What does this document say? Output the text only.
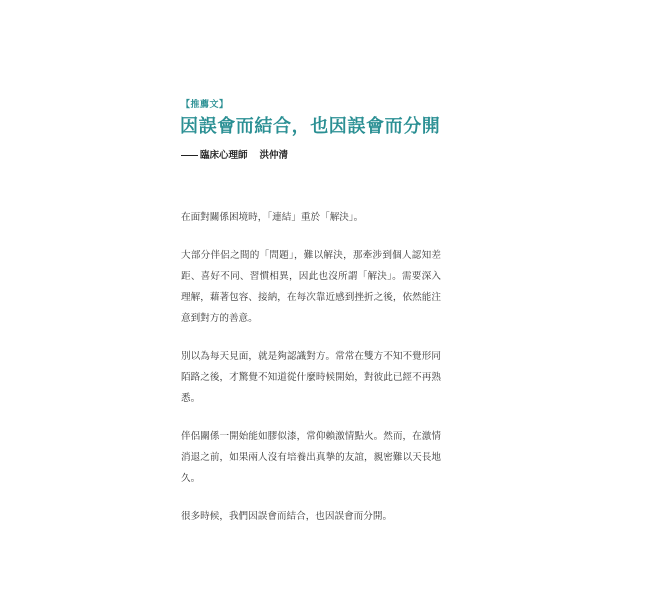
【推薦文】
因誤會而結合，也因誤會而分開
臨床心理師 洪仲清

在面對關係困境時，「連結」重於「解決」。

大部分伴侶之間的「問題」，難以解決，那牽涉到個人認知差距、喜好不同、習慣相異，因此也沒所謂「解決」。需要深入理解，藉著包容、接納，在每次靠近感到挫折之後，依然能注意到對方的善意。

別以為每天見面，就是夠認識對方。常常在雙方不知不覺形同陌路之後，才驚覺不知道從什麼時候開始，對彼此已經不再熟悉。

伴侶關係一開始能如膠似漆，常仰賴激情點火。然而，在激情消退之前，如果兩人沒有培養出真摯的友誼，親密難以天長地久。

很多時候，我們因誤會而結合，也因誤會而分開。
